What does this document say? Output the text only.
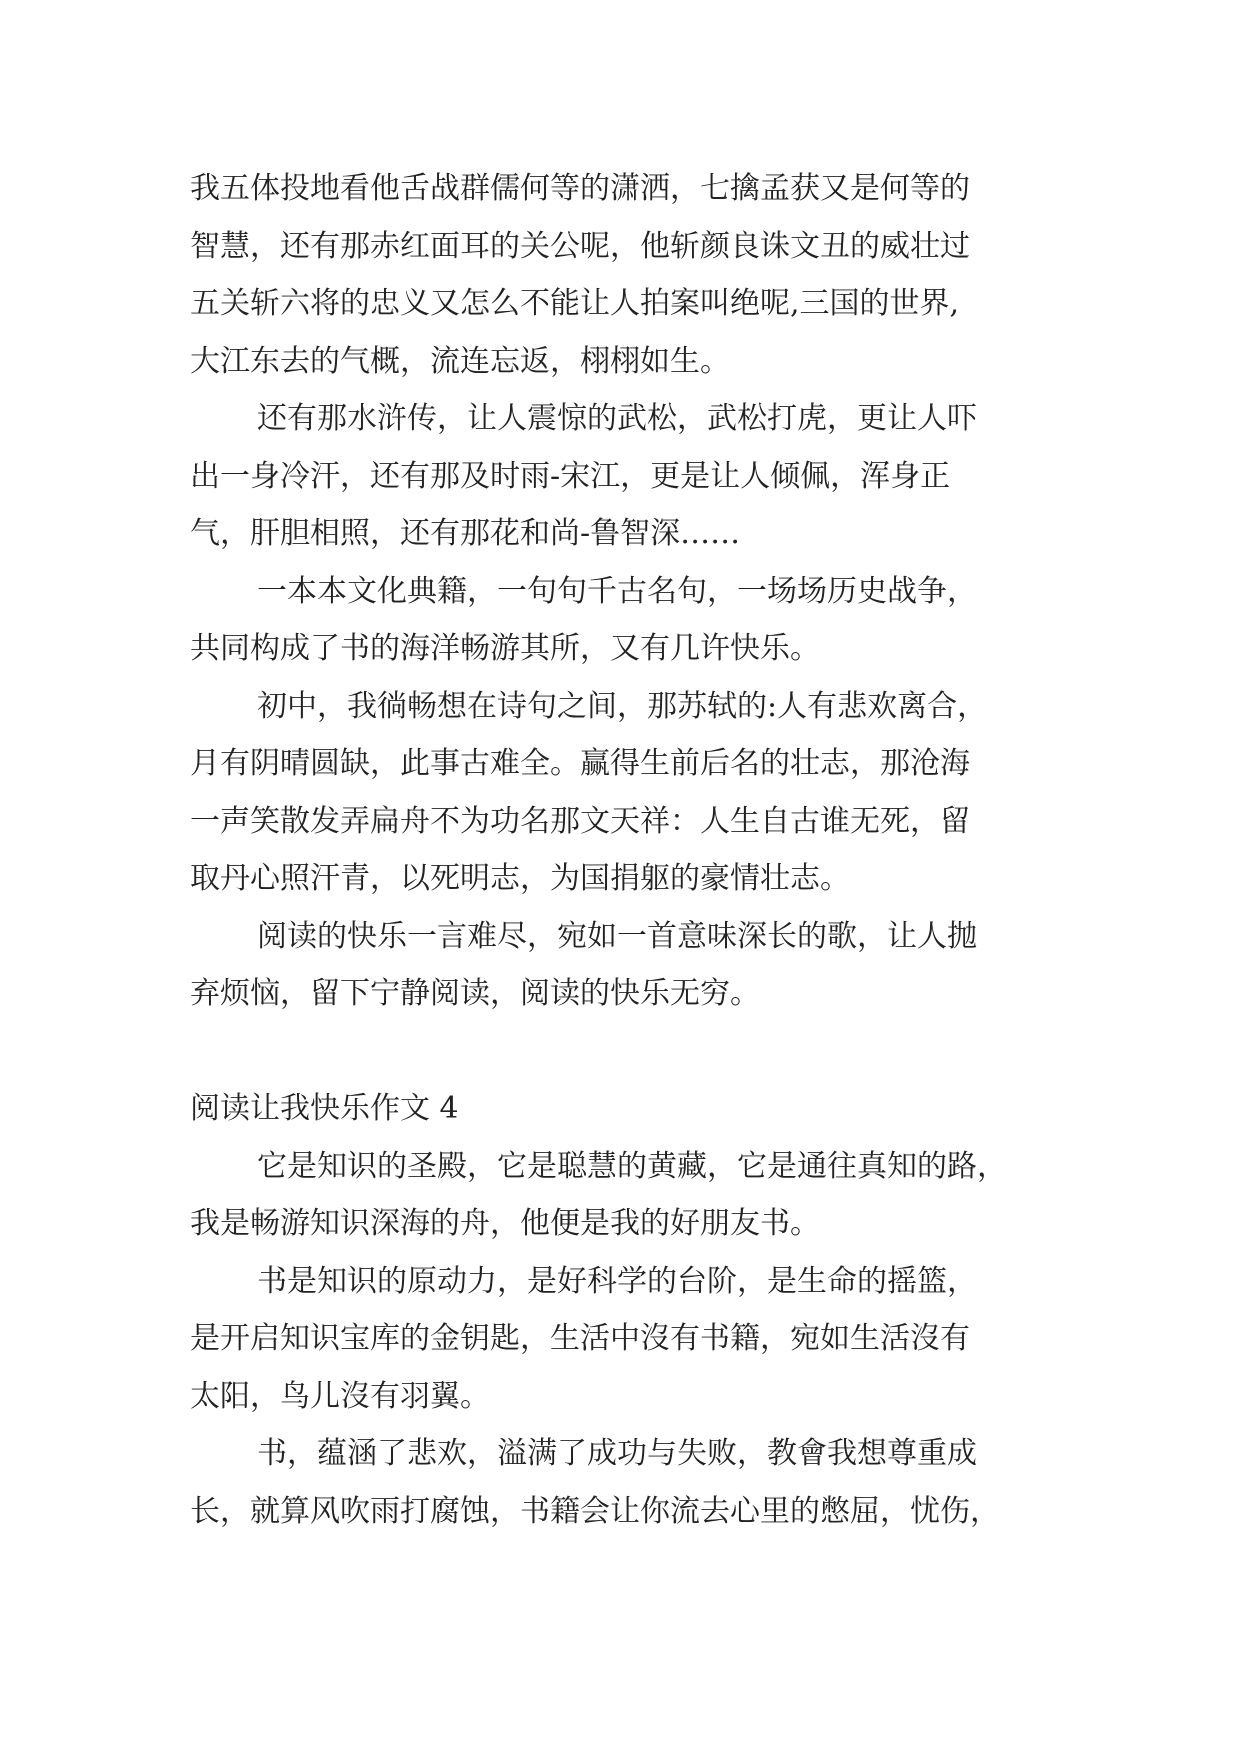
我五体投地看他舌战群儒何等的潇洒，七擒孟获又是何等的
智慧，还有那赤红面耳的关公呢，他斩颜良诛文丑的威壮过
五关斩六将的忠义又怎么不能让人拍案叫绝呢,三国的世界,
大江东去的气概，流连忘返，栩栩如生。
还有那水浒传，让人震惊的武松，武松打虎，更让人吓
出一身冷汗，还有那及时雨-宋江，更是让人倾佩，浑身正
气，肝胆相照，还有那花和尚-鲁智深……
一本本文化典籍，一句句千古名句，一场场历史战争，
共同构成了书的海洋畅游其所，又有几许快乐。
初中，我徜畅想在诗句之间，那苏轼的:人有悲欢离合，
月有阴晴圆缺，此事古难全。赢得生前后名的壮志，那沧海
一声笑散发弄扁舟不为功名那文天祥：人生自古谁无死，留
取丹心照汗青，以死明志，为国捐躯的豪情壮志。
阅读的快乐一言难尽，宛如一首意味深长的歌，让人抛
弃烦恼，留下宁静阅读，阅读的快乐无穷。
阅读让我快乐作文 4
它是知识的圣殿，它是聪慧的黄藏，它是通往真知的路，
我是畅游知识深海的舟，他便是我的好朋友书。
书是知识的原动力，是好科学的台阶，是生命的摇篮，
是开启知识宝库的金钥匙，生活中沒有书籍，宛如生活沒有
太阳，鸟儿沒有羽翼。
书，蕴涵了悲欢，溢满了成功与失败，教會我想尊重成
长，就算风吹雨打腐蚀，书籍会让你流去心里的憋屈，忧伤，
